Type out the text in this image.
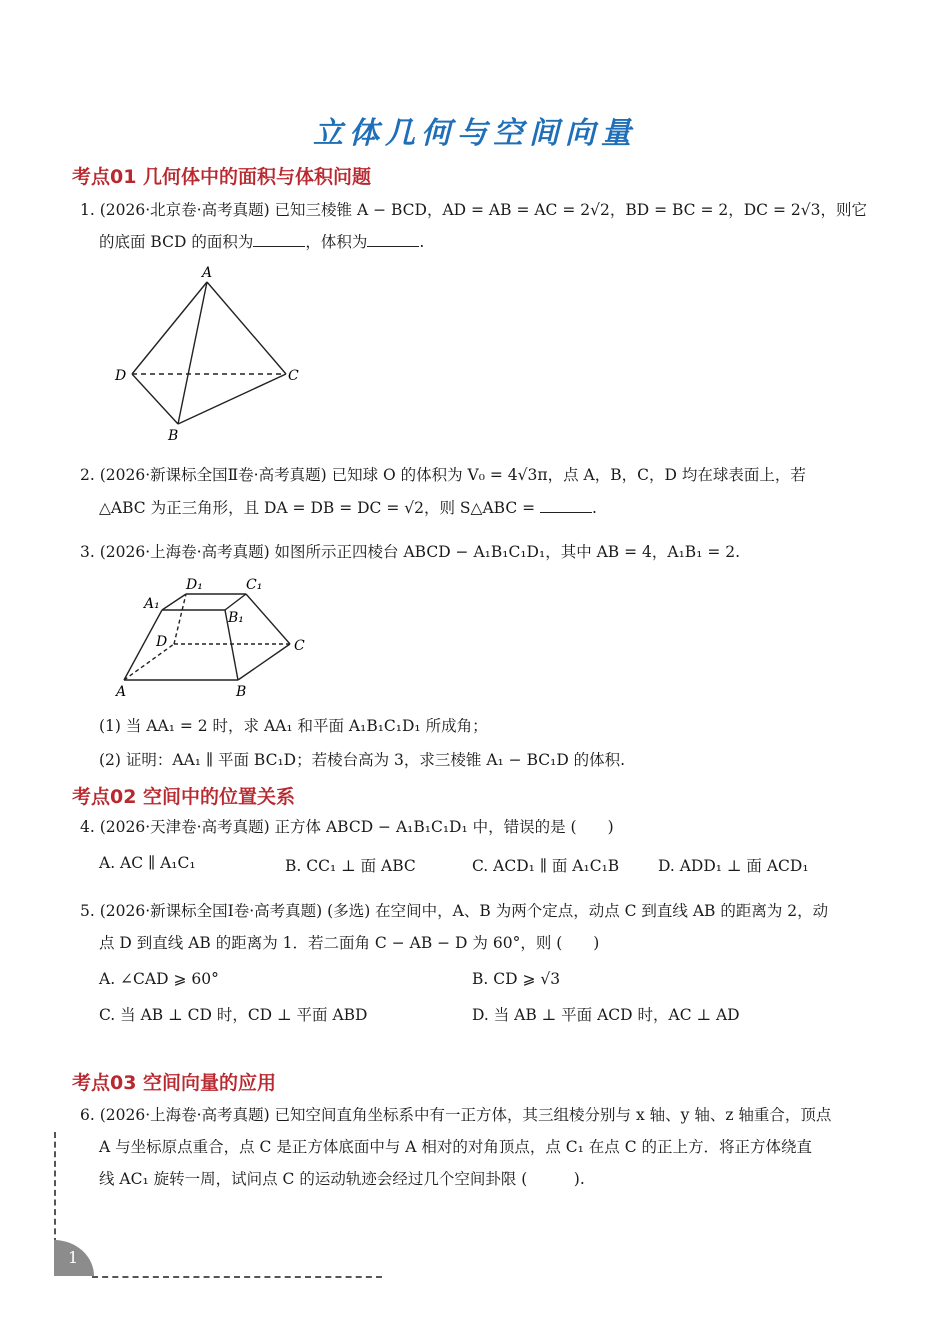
立体几何与空间向量
考点01 几何体中的面积与体积问题
1. (2026·北京卷·高考真题) 已知三棱锥 A − BCD，AD = AB = AC = 2√2，BD = BC = 2，DC = 2√3，则它
的底面 BCD 的面积为	，体积为	.
A
D	C
B
2. (2026·新课标全国Ⅱ卷·高考真题) 已知球 O 的体积为 V₀ = 4√3π，点 A，B，C，D 均在球表面上，若
△ABC 为正三角形，且 DA = DB = DC = √2，则 S△ABC =	.
3. (2026·上海卷·高考真题) 如图所示正四棱台 ABCD − A₁B₁C₁D₁，其中 AB = 4，A₁B₁ = 2.
D₁	C₁
A₁
B₁
D	C
A	B
(1) 当 AA₁ = 2 时，求 AA₁ 和平面 A₁B₁C₁D₁ 所成角；
(2) 证明：AA₁ ∥ 平面 BC₁D；若棱台高为 3，求三棱锥 A₁ − BC₁D 的体积.
考点02 空间中的位置关系
4. (2026·天津卷·高考真题) 正方体 ABCD − A₁B₁C₁D₁ 中，错误的是 (　　)
A. AC ∥ A₁C₁	B. CC₁ ⊥ 面 ABC	C. ACD₁ ∥ 面 A₁C₁B	D. ADD₁ ⊥ 面 ACD₁
5. (2026·新课标全国Ⅰ卷·高考真题) (多选) 在空间中，A、B 为两个定点，动点 C 到直线 AB 的距离为 2，动
点 D 到直线 AB 的距离为 1．若二面角 C − AB − D 为 60°，则 (　　)
A. ∠CAD ⩾ 60°	B. CD ⩾ √3
C. 当 AB ⊥ CD 时，CD ⊥ 平面 ABD	D. 当 AB ⊥ 平面 ACD 时，AC ⊥ AD
考点03 空间向量的应用
6. (2026·上海卷·高考真题) 已知空间直角坐标系中有一正方体，其三组棱分别与 x 轴、y 轴、z 轴重合，顶点
A 与坐标原点重合，点 C 是正方体底面中与 A 相对的对角顶点，点 C₁ 在点 C 的正上方．将正方体绕直
线 AC₁ 旋转一周，试问点 C 的运动轨迹会经过几个空间卦限 (　　　).
1
